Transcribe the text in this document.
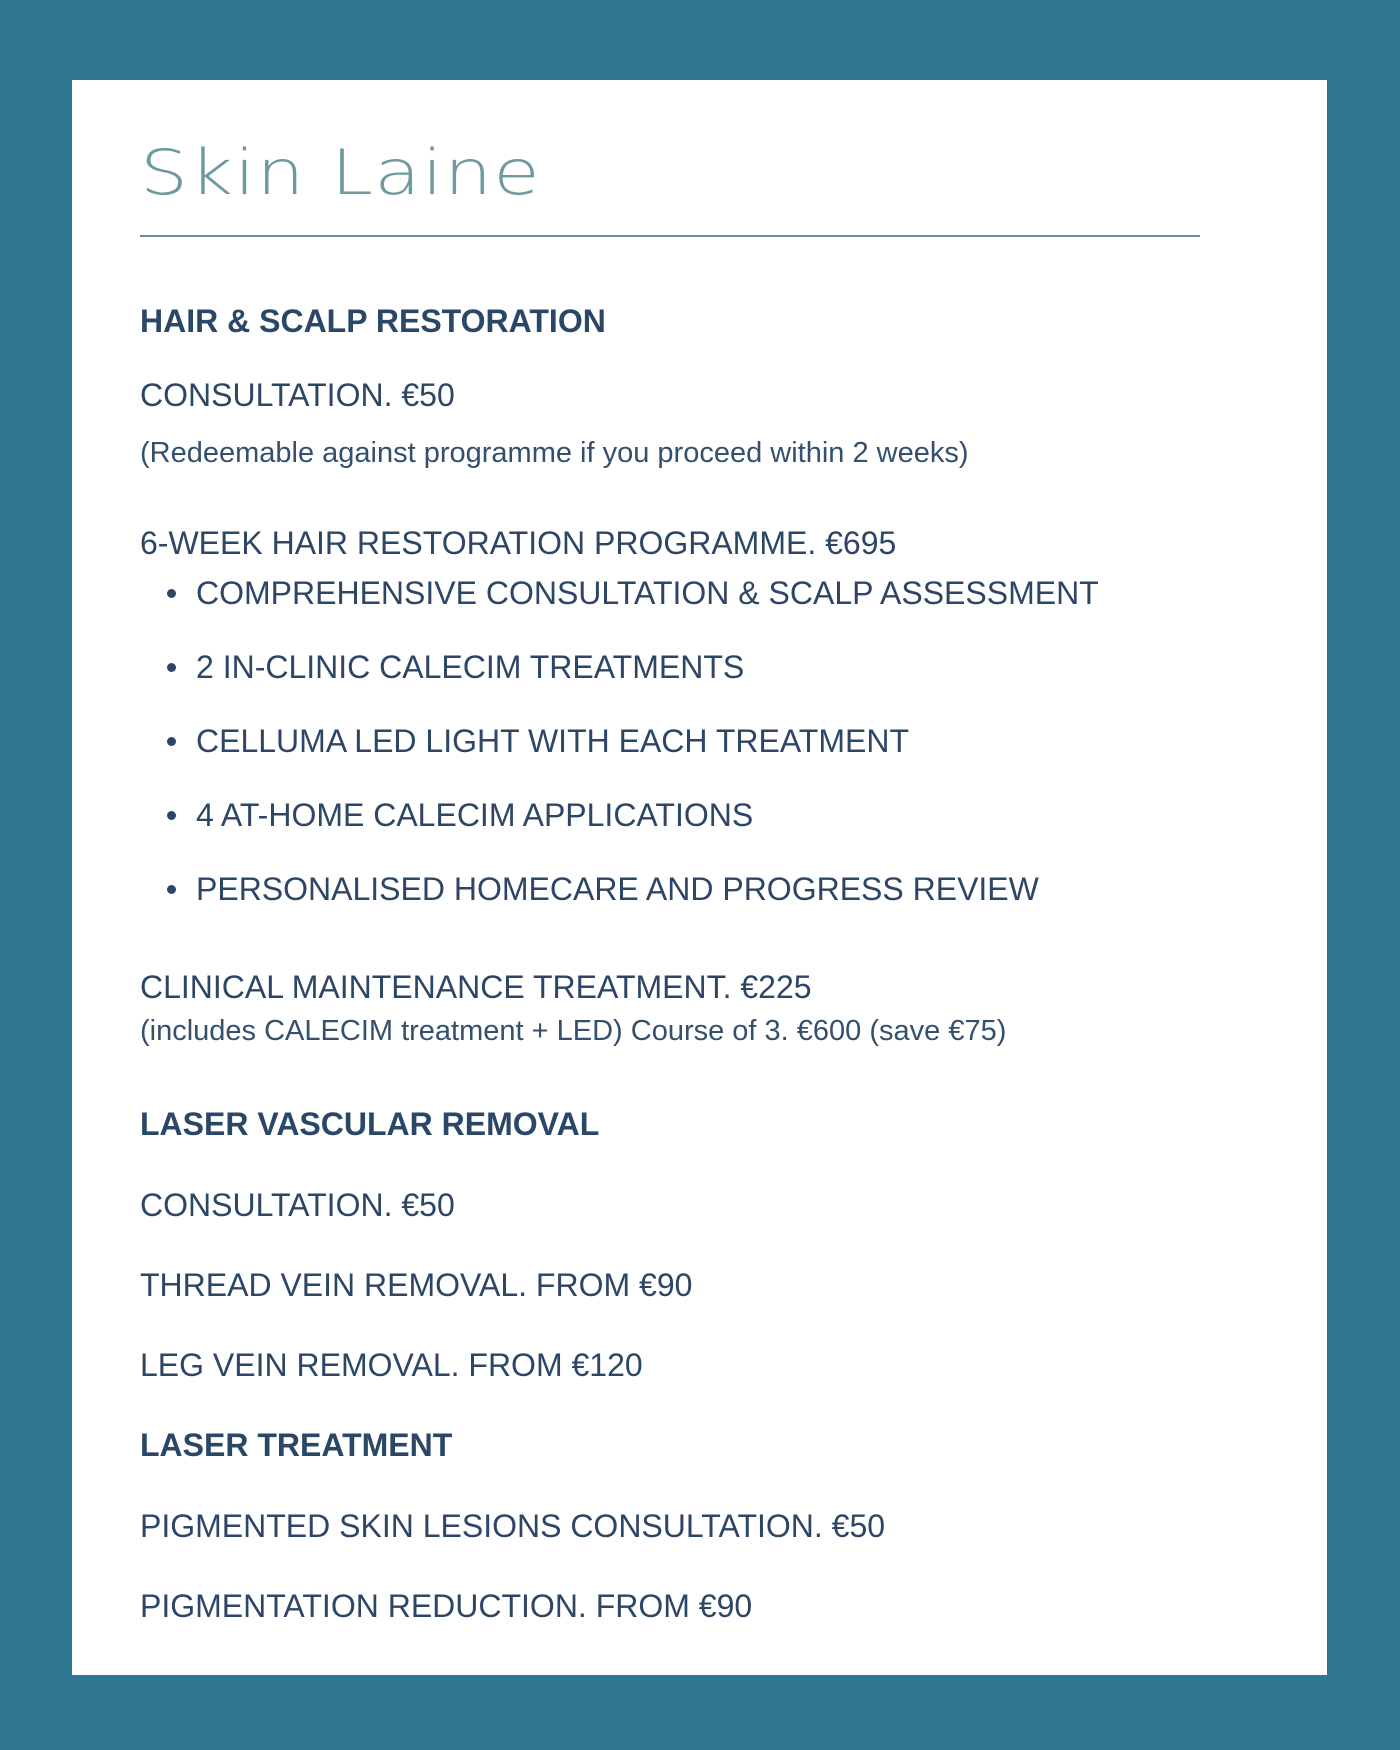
Skin Laine
HAIR & SCALP RESTORATION
CONSULTATION. €50
(Redeemable against programme if you proceed within 2 weeks)
6-WEEK HAIR RESTORATION PROGRAMME. €695
COMPREHENSIVE CONSULTATION & SCALP ASSESSMENT
2 IN-CLINIC CALECIM TREATMENTS
CELLUMA LED LIGHT WITH EACH TREATMENT
4 AT-HOME CALECIM APPLICATIONS
PERSONALISED HOMECARE AND PROGRESS REVIEW
CLINICAL MAINTENANCE TREATMENT. €225
(includes CALECIM treatment + LED) Course of 3. €600 (save €75)
LASER VASCULAR REMOVAL
CONSULTATION. €50
THREAD VEIN REMOVAL. FROM €90
LEG VEIN REMOVAL. FROM €120
LASER TREATMENT
PIGMENTED SKIN LESIONS CONSULTATION. €50
PIGMENTATION REDUCTION. FROM €90
